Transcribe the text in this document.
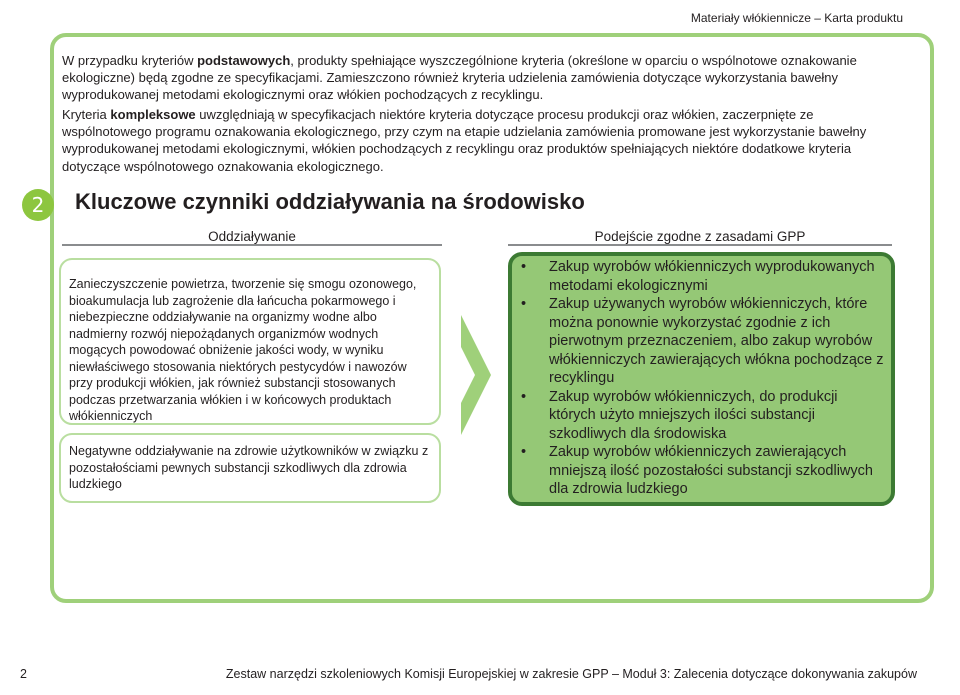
Materiały włókiennicze – Karta produktu
W przypadku kryteriów podstawowych, produkty spełniające wyszczególnione kryteria (określone w oparciu o wspólnotowe oznakowanie ekologiczne) będą zgodne ze specyfikacjami. Zamieszczono również kryteria udzielenia zamówienia dotyczące wykorzystania bawełny wyprodukowanej metodami ekologicznymi oraz włókien pochodzących z recyklingu.
Kryteria kompleksowe uwzględniają w specyfikacjach niektóre kryteria dotyczące procesu produkcji oraz włókien, zaczerpnięte ze wspólnotowego programu oznakowania ekologicznego, przy czym na etapie udzielania zamówienia promowane jest wykorzystanie bawełny wyprodukowanej metodami ekologicznymi, włókien pochodzących z recyklingu oraz produktów spełniających niektóre dodatkowe kryteria dotyczące wspólnotowego oznakowania ekologicznego.
2	Kluczowe czynniki oddziaływania na środowisko
Oddziaływanie	Podejście zgodne z zasadami GPP
Zanieczyszczenie powietrza, tworzenie się smogu ozonowego, bioakumulacja lub zagrożenie dla łańcucha pokarmowego i niebezpieczne oddziaływanie na organizmy wodne albo nadmierny rozwój niepożądanych organizmów wodnych mogących powodować obniżenie jakości wody, w wyniku niewłaściwego stosowania niektórych pestycydów i nawozów przy produkcji włókien, jak również substancji stosowanych podczas przetwarzania włókien i w końcowych produktach włókienniczych
Negatywne oddziaływanie na zdrowie użytkowników w związku z pozostałościami pewnych substancji szkodliwych dla zdrowia ludzkiego
• Zakup wyrobów włókienniczych wyprodukowanych metodami ekologicznymi
• Zakup używanych wyrobów włókienniczych, które można ponownie wykorzystać zgodnie z ich pierwotnym przeznaczeniem, albo zakup wyrobów włókienniczych zawierających włókna pochodzące z recyklingu
• Zakup wyrobów włókienniczych, do produkcji których użyto mniejszych ilości substancji szkodliwych dla środowiska
• Zakup wyrobów włókienniczych zawierających mniejszą ilość pozostałości substancji szkodliwych dla zdrowia ludzkiego
2	Zestaw narzędzi szkoleniowych Komisji Europejskiej w zakresie GPP – Moduł 3: Zalecenia dotyczące dokonywania zakupów
